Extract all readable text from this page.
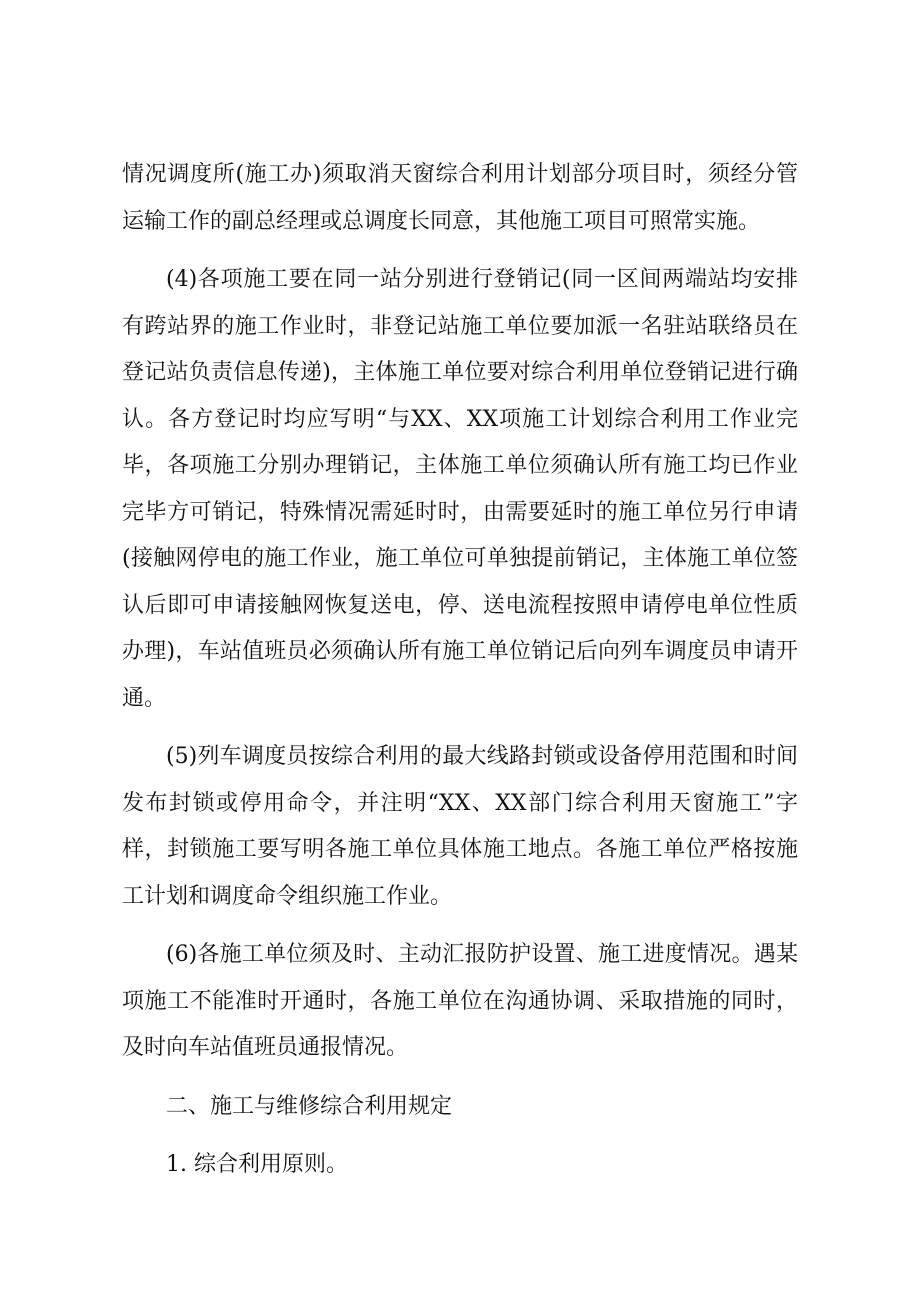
情况调度所(施工办)须取消天窗综合利用计划部分项目时，须经分管运输工作的副总经理或总调度长同意，其他施工项目可照常实施。

(4)各项施工要在同一站分别进行登销记(同一区间两端站均安排有跨站界的施工作业时，非登记站施工单位要加派一名驻站联络员在登记站负责信息传递)，主体施工单位要对综合利用单位登销记进行确认。各方登记时均应写明“与XX、XX项施工计划综合利用工作业完毕，各项施工分别办理销记，主体施工单位须确认所有施工均已作业完毕方可销记，特殊情况需延时时，由需要延时的施工单位另行申请(接触网停电的施工作业，施工单位可单独提前销记，主体施工单位签认后即可申请接触网恢复送电，停、送电流程按照申请停电单位性质办理)，车站值班员必须确认所有施工单位销记后向列车调度员申请开通。

(5)列车调度员按综合利用的最大线路封锁或设备停用范围和时间发布封锁或停用命令，并注明“XX、XX部门综合利用天窗施工”字样，封锁施工要写明各施工单位具体施工地点。各施工单位严格按施工计划和调度命令组织施工作业。

(6)各施工单位须及时、主动汇报防护设置、施工进度情况。遇某项施工不能准时开通时，各施工单位在沟通协调、采取措施的同时，及时向车站值班员通报情况。

二、施工与维修综合利用规定

1. 综合利用原则。
